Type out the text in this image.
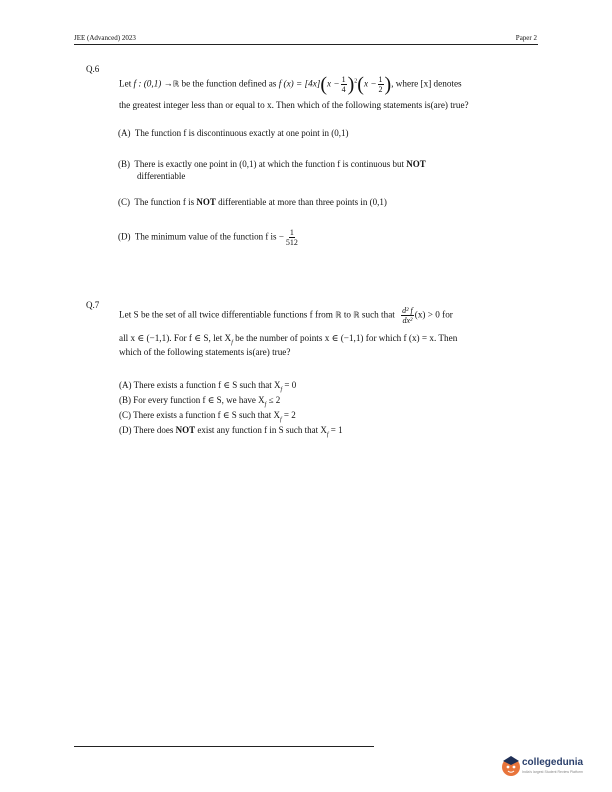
JEE (Advanced) 2023	Paper 2
Q.6
Let f : (0,1) →ℝ be the function defined as f $(x) = [4x](x - \frac{1}{4} )^2(x - \frac{1}{2}$ ), where [x] denotes
the greatest integer less than or equal to x. Then which of the following statements is(are) true?
(A) The function f is discontinuous exactly at one point in (0,1)
(B) There is exactly one point in (0,1) at which the function f is continuous but NOT
differentiable
(C) The function f is NOT differentiable at more than three points in (0,1)
(D) The minimum value of the function f is − $\frac{1}{512}$
Q.7
Let S be the set of all twice differentiable functions f from ℝ to ℝ such that $\frac{\text{d² f}}{\text{dx²}} (x) > 0$ for
all x ∈ (−1,1). For f ∈ S, let $X_f$ be the number of points x ∈ (−1,1) for which f (x) = x. Then
which of the following statements is(are) true?
(A) There exists a function f ∈ S such that $X_f = 0$
(B) For every function f ∈ S, we have $X_f \le 2$
(C) There exists a function f ∈ S such that $X_f = 2$
(D) There does NOT exist any function f in S such that $X_f = 1$
collegedunia
India's largest Student Review Platform
